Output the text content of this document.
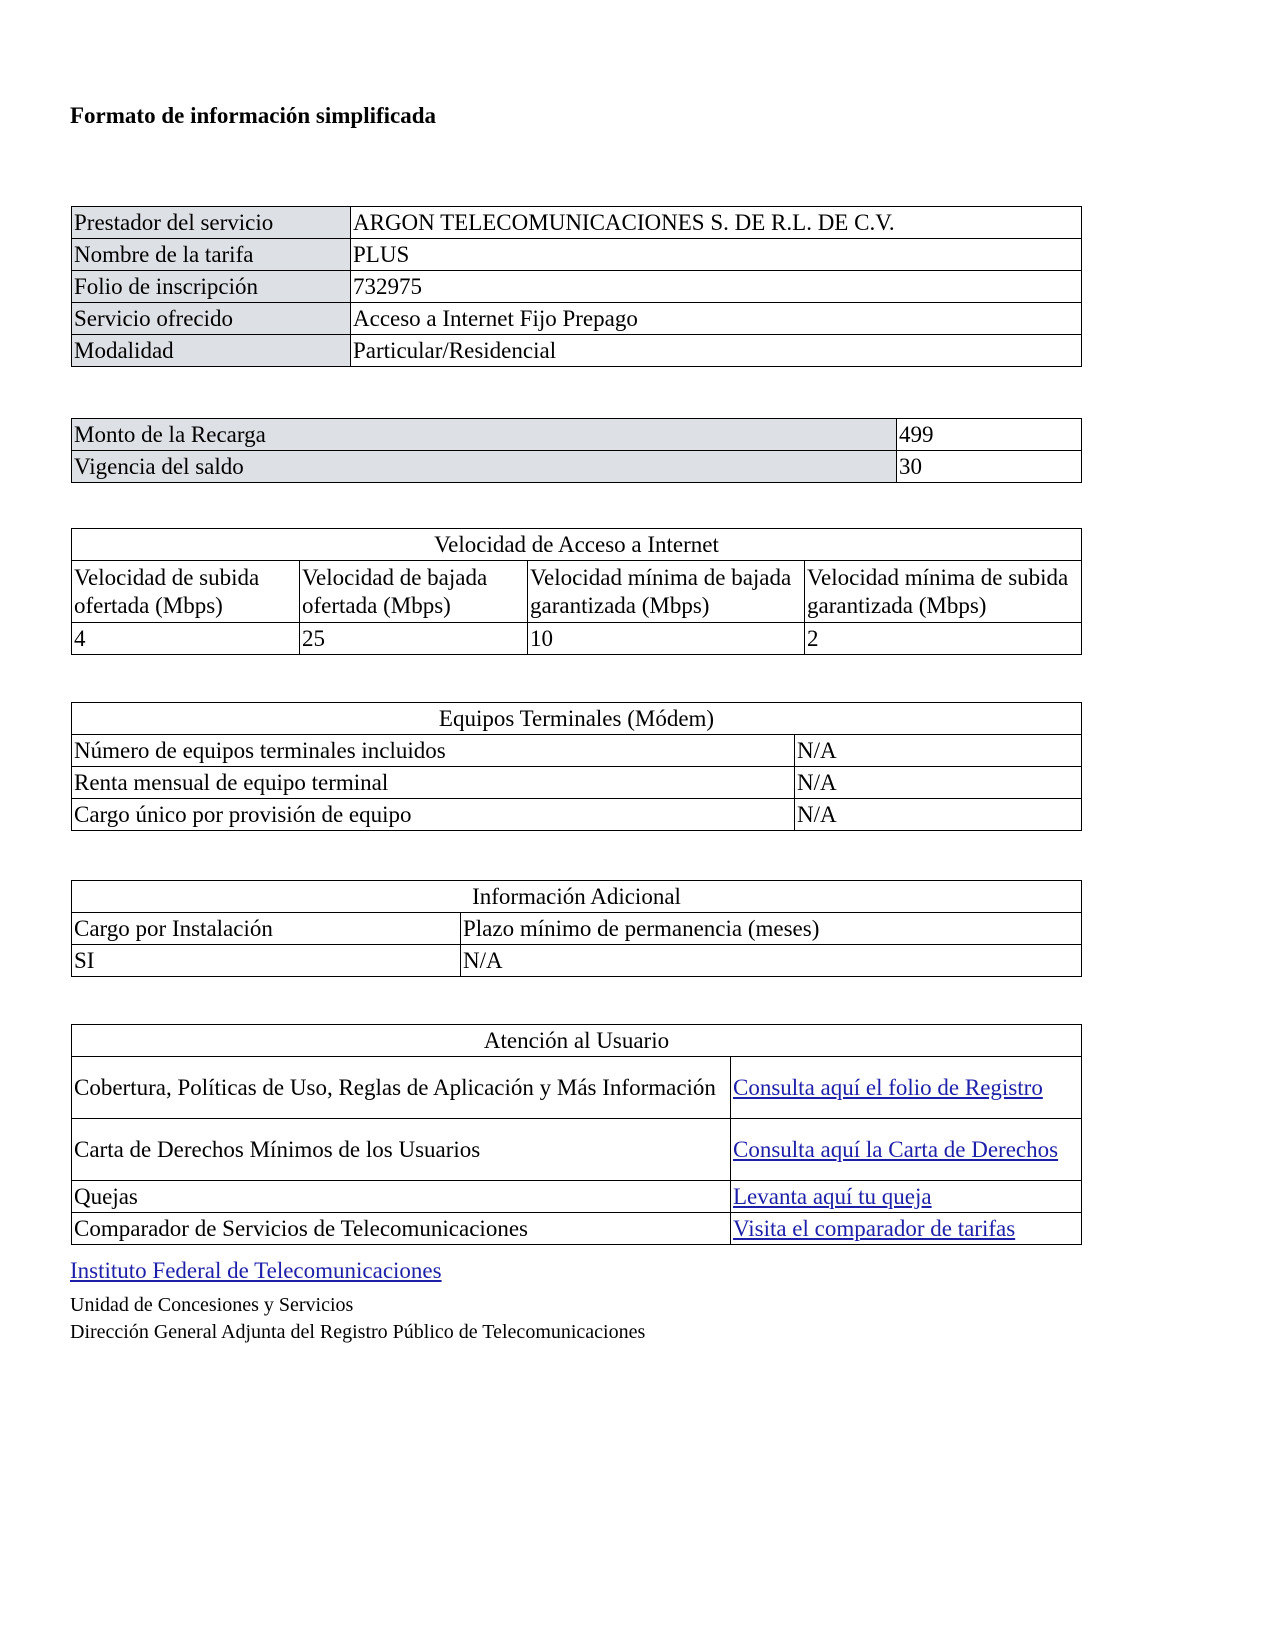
Formato de información simplificada
Prestador del servicio	ARGON TELECOMUNICACIONES S. DE R.L. DE C.V.
Nombre de la tarifa	PLUS
Folio de inscripción	732975
Servicio ofrecido	Acceso a Internet Fijo Prepago
Modalidad	Particular/Residencial
Monto de la Recarga	499
Vigencia del saldo	30
Velocidad de Acceso a Internet			
Velocidad de subida ofertada (Mbps)	Velocidad de bajada ofertada (Mbps)	Velocidad mínima de bajada garantizada (Mbps)	Velocidad mínima de subida garantizada (Mbps)
4	25	10	2
Equipos Terminales (Módem)	
Número de equipos terminales incluidos	N/A
Renta mensual de equipo terminal	N/A
Cargo único por provisión de equipo	N/A
Información Adicional	
Cargo por Instalación	Plazo mínimo de permanencia (meses)
SI	N/A
Atención al Usuario	
Cobertura, Políticas de Uso, Reglas de Aplicación y Más Información	Consulta aquí el folio de Registro
Carta de Derechos Mínimos de los Usuarios	Consulta aquí la Carta de Derechos
Quejas	Levanta aquí tu queja
Comparador de Servicios de Telecomunicaciones	Visita el comparador de tarifas
Instituto Federal de Telecomunicaciones
Unidad de Concesiones y Servicios
Dirección General Adjunta del Registro Público de Telecomunicaciones
